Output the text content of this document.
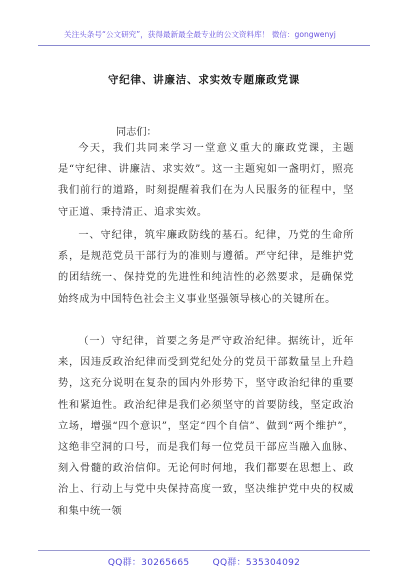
关注头条号“公文研究”，获得最新最全最专业的公文资料库！ 微信：gongwenyj
守纪律、讲廉洁、求实效专题廉政党课
同志们：
今天，我们共同来学习一堂意义重大的廉政党课，主题是“守纪律、讲廉洁、求实效”。这一主题宛如一盏明灯，照亮我们前行的道路，时刻提醒着我们在为人民服务的征程中，坚守正道、秉持清正、追求实效。
一、守纪律，筑牢廉政防线的基石。纪律，乃党的生命所系，是规范党员干部行为的准则与遵循。严守纪律，是维护党的团结统一、保持党的先进性和纯洁性的必然要求，是确保党始终成为中国特色社会主义事业坚强领导核心的关键所在。
（一）守纪律，首要之务是严守政治纪律。据统计，近年来，因违反政治纪律而受到党纪处分的党员干部数量呈上升趋势，这充分说明在复杂的国内外形势下，坚守政治纪律的重要性和紧迫性。政治纪律是我们必须坚守的首要防线，坚定政治立场，增强“四个意识”，坚定“四个自信”、做到“两个维护”，这绝非空洞的口号，而是我们每一位党员干部应当融入血脉、刻入骨髓的政治信仰。无论何时何地，我们都要在思想上、政治上、行动上与党中央保持高度一致，坚决维护党中央的权威和集中统一领
QQ群：30265665	QQ群：535304092
